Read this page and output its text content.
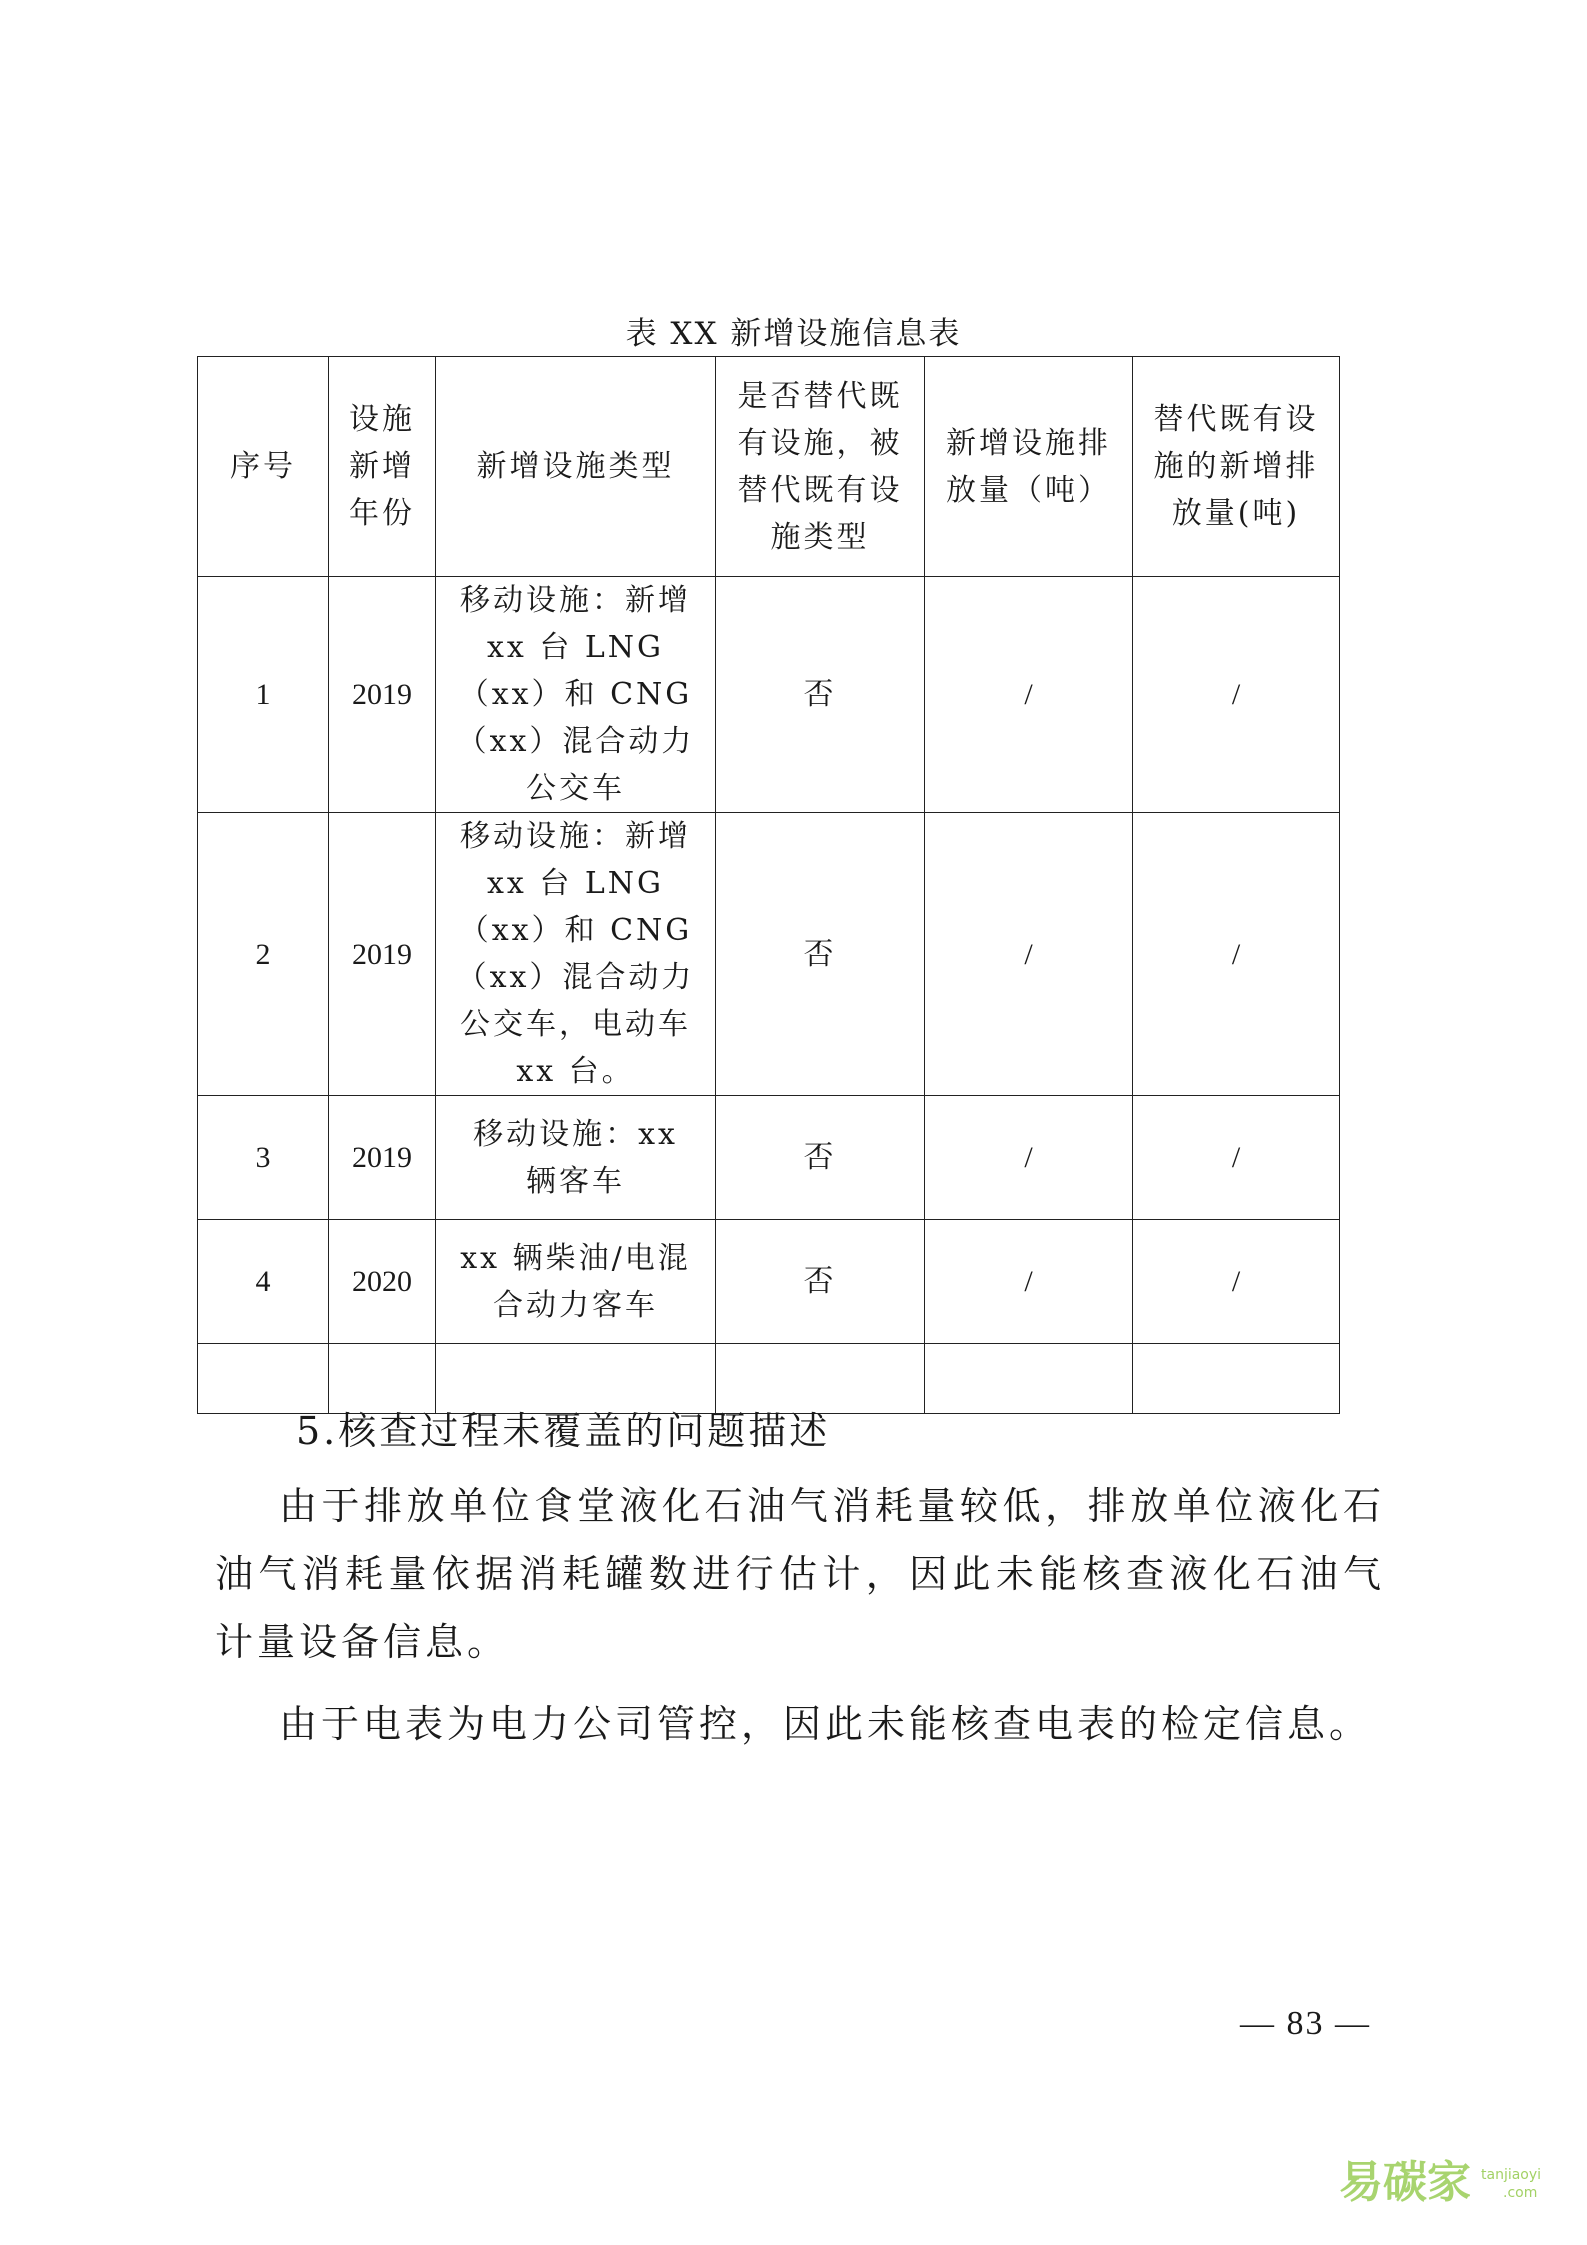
表 XX 新增设施信息表
序号	设施新增年份	新增设施类型	是否替代既有设施，被替代既有设施类型	新增设施排放量（吨）	替代既有设施的新增排放量(吨)
1	2019	移动设施：新增 xx 台 LNG（xx）和 CNG（xx）混合动力公交车	否	/	/
2	2019	移动设施：新增 xx 台 LNG（xx）和 CNG（xx）混合动力公交车，电动车 xx 台。	否	/	/
3	2019	移动设施：xx 辆客车	否	/	/
4	2020	xx 辆柴油/电混合动力客车	否	/	/

5.核查过程未覆盖的问题描述
由于排放单位食堂液化石油气消耗量较低，排放单位液化石油气消耗量依据消耗罐数进行估计，因此未能核查液化石油气计量设备信息。
由于电表为电力公司管控，因此未能核查电表的检定信息。
— 83 —
易碳家 tanjiaoyi
.com
